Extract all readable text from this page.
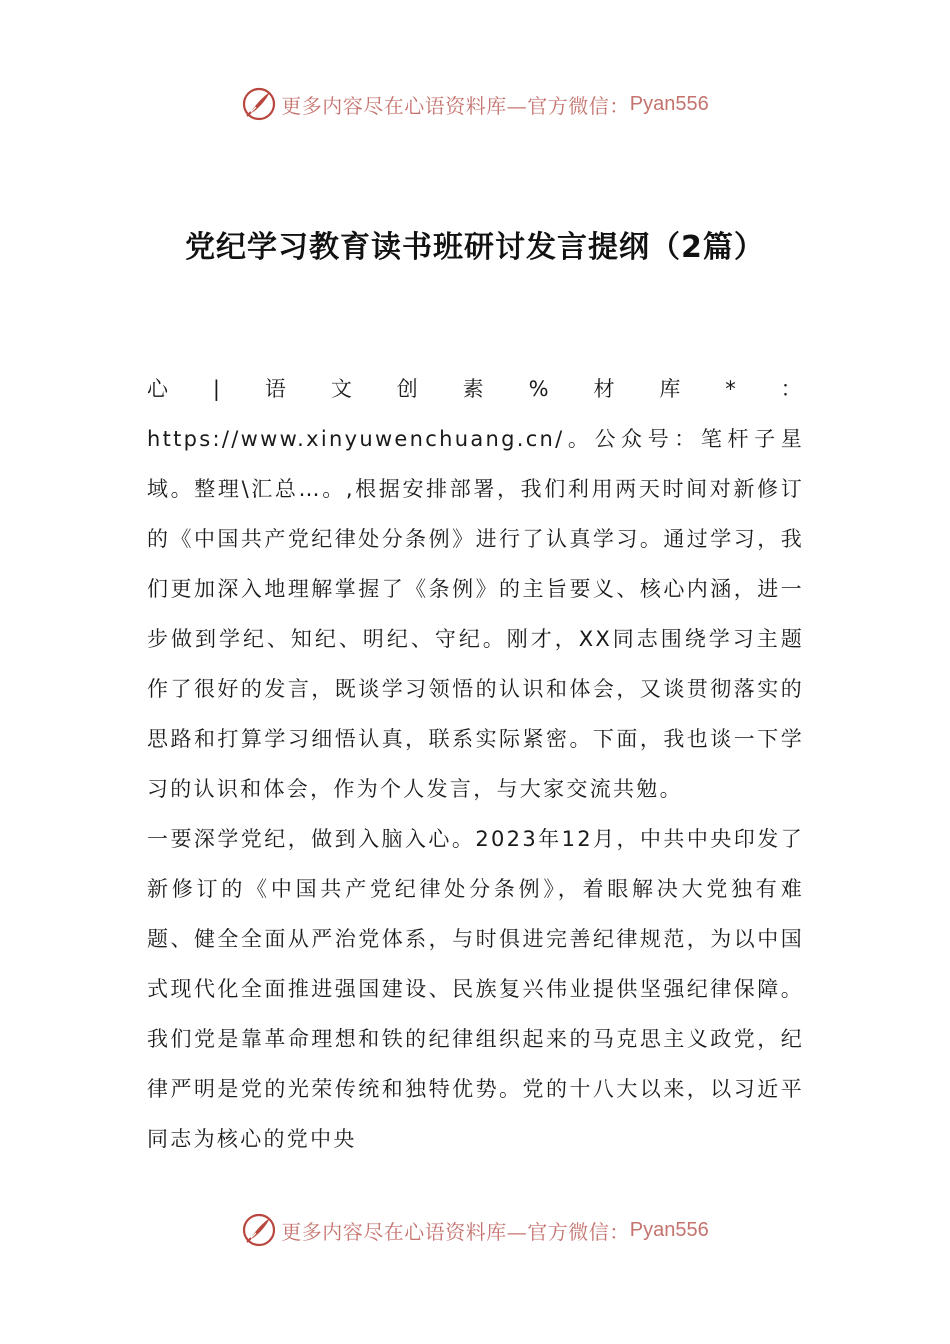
更多内容尽在心语资料库—官方微信： Pyan556
党纪学习教育读书班研讨发言提纲（2篇）

心|语文创素%材库*：https://www.xinyuwenchuang.cn/。公众号：笔杆子星域。整理\汇总…。,根据安排部署，我们利用两天时间对新修订的《中国共产党纪律处分条例》进行了认真学习。通过学习，我们更加深入地理解掌握了《条例》的主旨要义、核心内涵，进一步做到学纪、知纪、明纪、守纪。刚才，XX同志围绕学习主题作了很好的发言，既谈学习领悟的认识和体会，又谈贯彻落实的思路和打算学习细悟认真，联系实际紧密。下面，我也谈一下学习的认识和体会，作为个人发言，与大家交流共勉。

一要深学党纪，做到入脑入心。2023年12月，中共中央印发了新修订的《中国共产党纪律处分条例》，着眼解决大党独有难题、健全全面从严治党体系，与时俱进完善纪律规范，为以中国式现代化全面推进强国建设、民族复兴伟业提供坚强纪律保障。我们党是靠革命理想和铁的纪律组织起来的马克思主义政党，纪律严明是党的光荣传统和独特优势。党的十八大以来，以习近平同志为核心的党中央

更多内容尽在心语资料库—官方微信： Pyan556
